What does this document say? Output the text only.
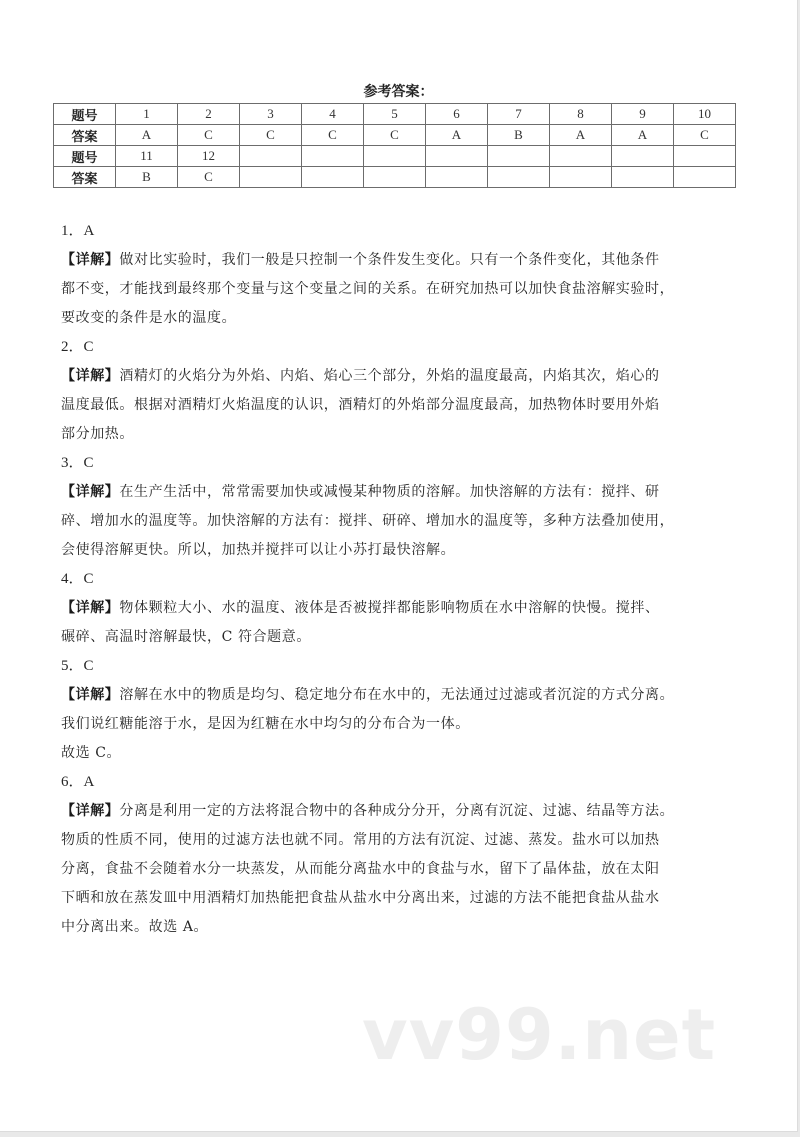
参考答案：
题号	1	2	3	4	5	6	7	8	9	10
答案	A	C	C	C	C	A	B	A	A	C
题号	11	12								
答案	B	C								
1．A
【详解】做对比实验时，我们一般是只控制一个条件发生变化。只有一个条件变化，其他条件
都不变，才能找到最终那个变量与这个变量之间的关系。在研究加热可以加快食盐溶解实验时，
要改变的条件是水的温度。
2．C
【详解】酒精灯的火焰分为外焰、内焰、焰心三个部分，外焰的温度最高，内焰其次，焰心的
温度最低。根据对酒精灯火焰温度的认识，酒精灯的外焰部分温度最高，加热物体时要用外焰
部分加热。
3．C
【详解】在生产生活中，常常需要加快或减慢某种物质的溶解。加快溶解的方法有：搅拌、研
碎、增加水的温度等。加快溶解的方法有：搅拌、研碎、增加水的温度等，多种方法叠加使用，
会使得溶解更快。所以，加热并搅拌可以让小苏打最快溶解。
4．C
【详解】物体颗粒大小、水的温度、液体是否被搅拌都能影响物质在水中溶解的快慢。搅拌、
碾碎、高温时溶解最快，C 符合题意。
5．C
【详解】溶解在水中的物质是均匀、稳定地分布在水中的，无法通过过滤或者沉淀的方式分离。
我们说红糖能溶于水，是因为红糖在水中均匀的分布合为一体。
故选 C。
6．A
【详解】分离是利用一定的方法将混合物中的各种成分分开，分离有沉淀、过滤、结晶等方法。
物质的性质不同，使用的过滤方法也就不同。常用的方法有沉淀、过滤、蒸发。盐水可以加热
分离，食盐不会随着水分一块蒸发，从而能分离盐水中的食盐与水，留下了晶体盐，放在太阳
下晒和放在蒸发皿中用酒精灯加热能把食盐从盐水中分离出来，过滤的方法不能把食盐从盐水
中分离出来。故选 A。
vv99.net
